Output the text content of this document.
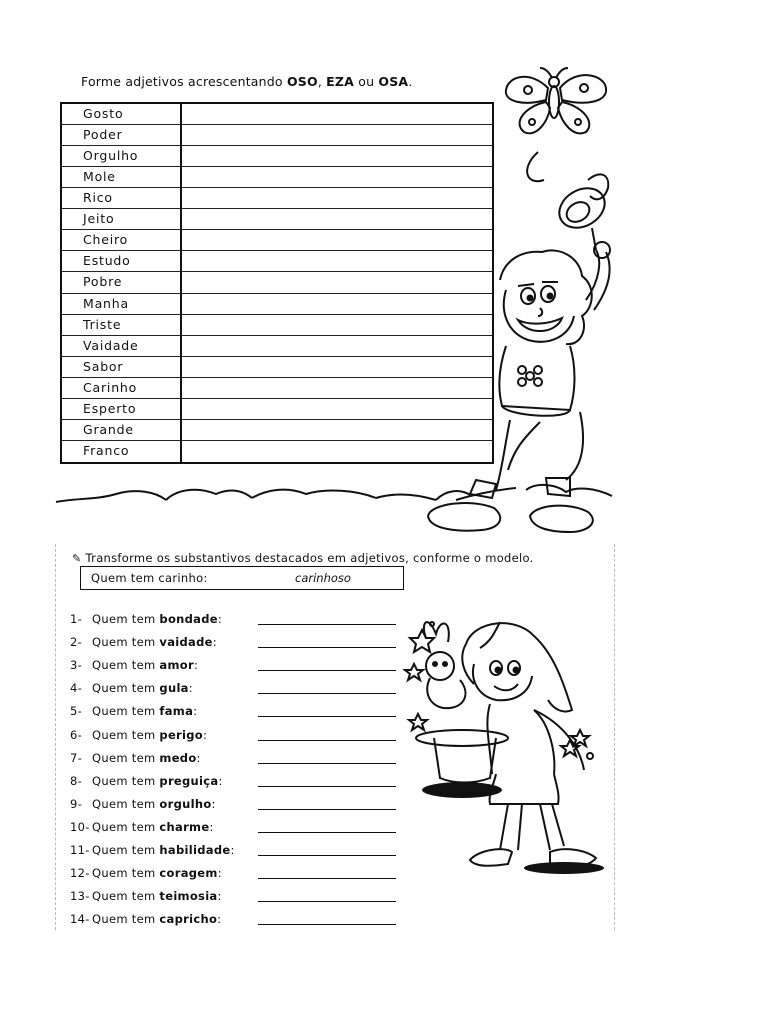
Forme adjetivos acrescentando OSO, EZA ou OSA.
Gosto
Poder
Orgulho
Mole
Rico
Jeito
Cheiro
Estudo
Pobre
Manha
Triste
Vaidade
Sabor
Carinho
Esperto
Grande
Franco
✎ Transforme os substantivos destacados em adjetivos, conforme o modelo.
Quem tem carinho:	carinhoso
1- Quem tem bondade:
2- Quem tem vaidade:
3- Quem tem amor:
4- Quem tem gula:
5- Quem tem fama:
6- Quem tem perigo:
7- Quem tem medo:
8- Quem tem preguiça:
9- Quem tem orgulho:
10- Quem tem charme:
11- Quem tem habilidade:
12- Quem tem coragem:
13- Quem tem teimosia:
14- Quem tem capricho:
